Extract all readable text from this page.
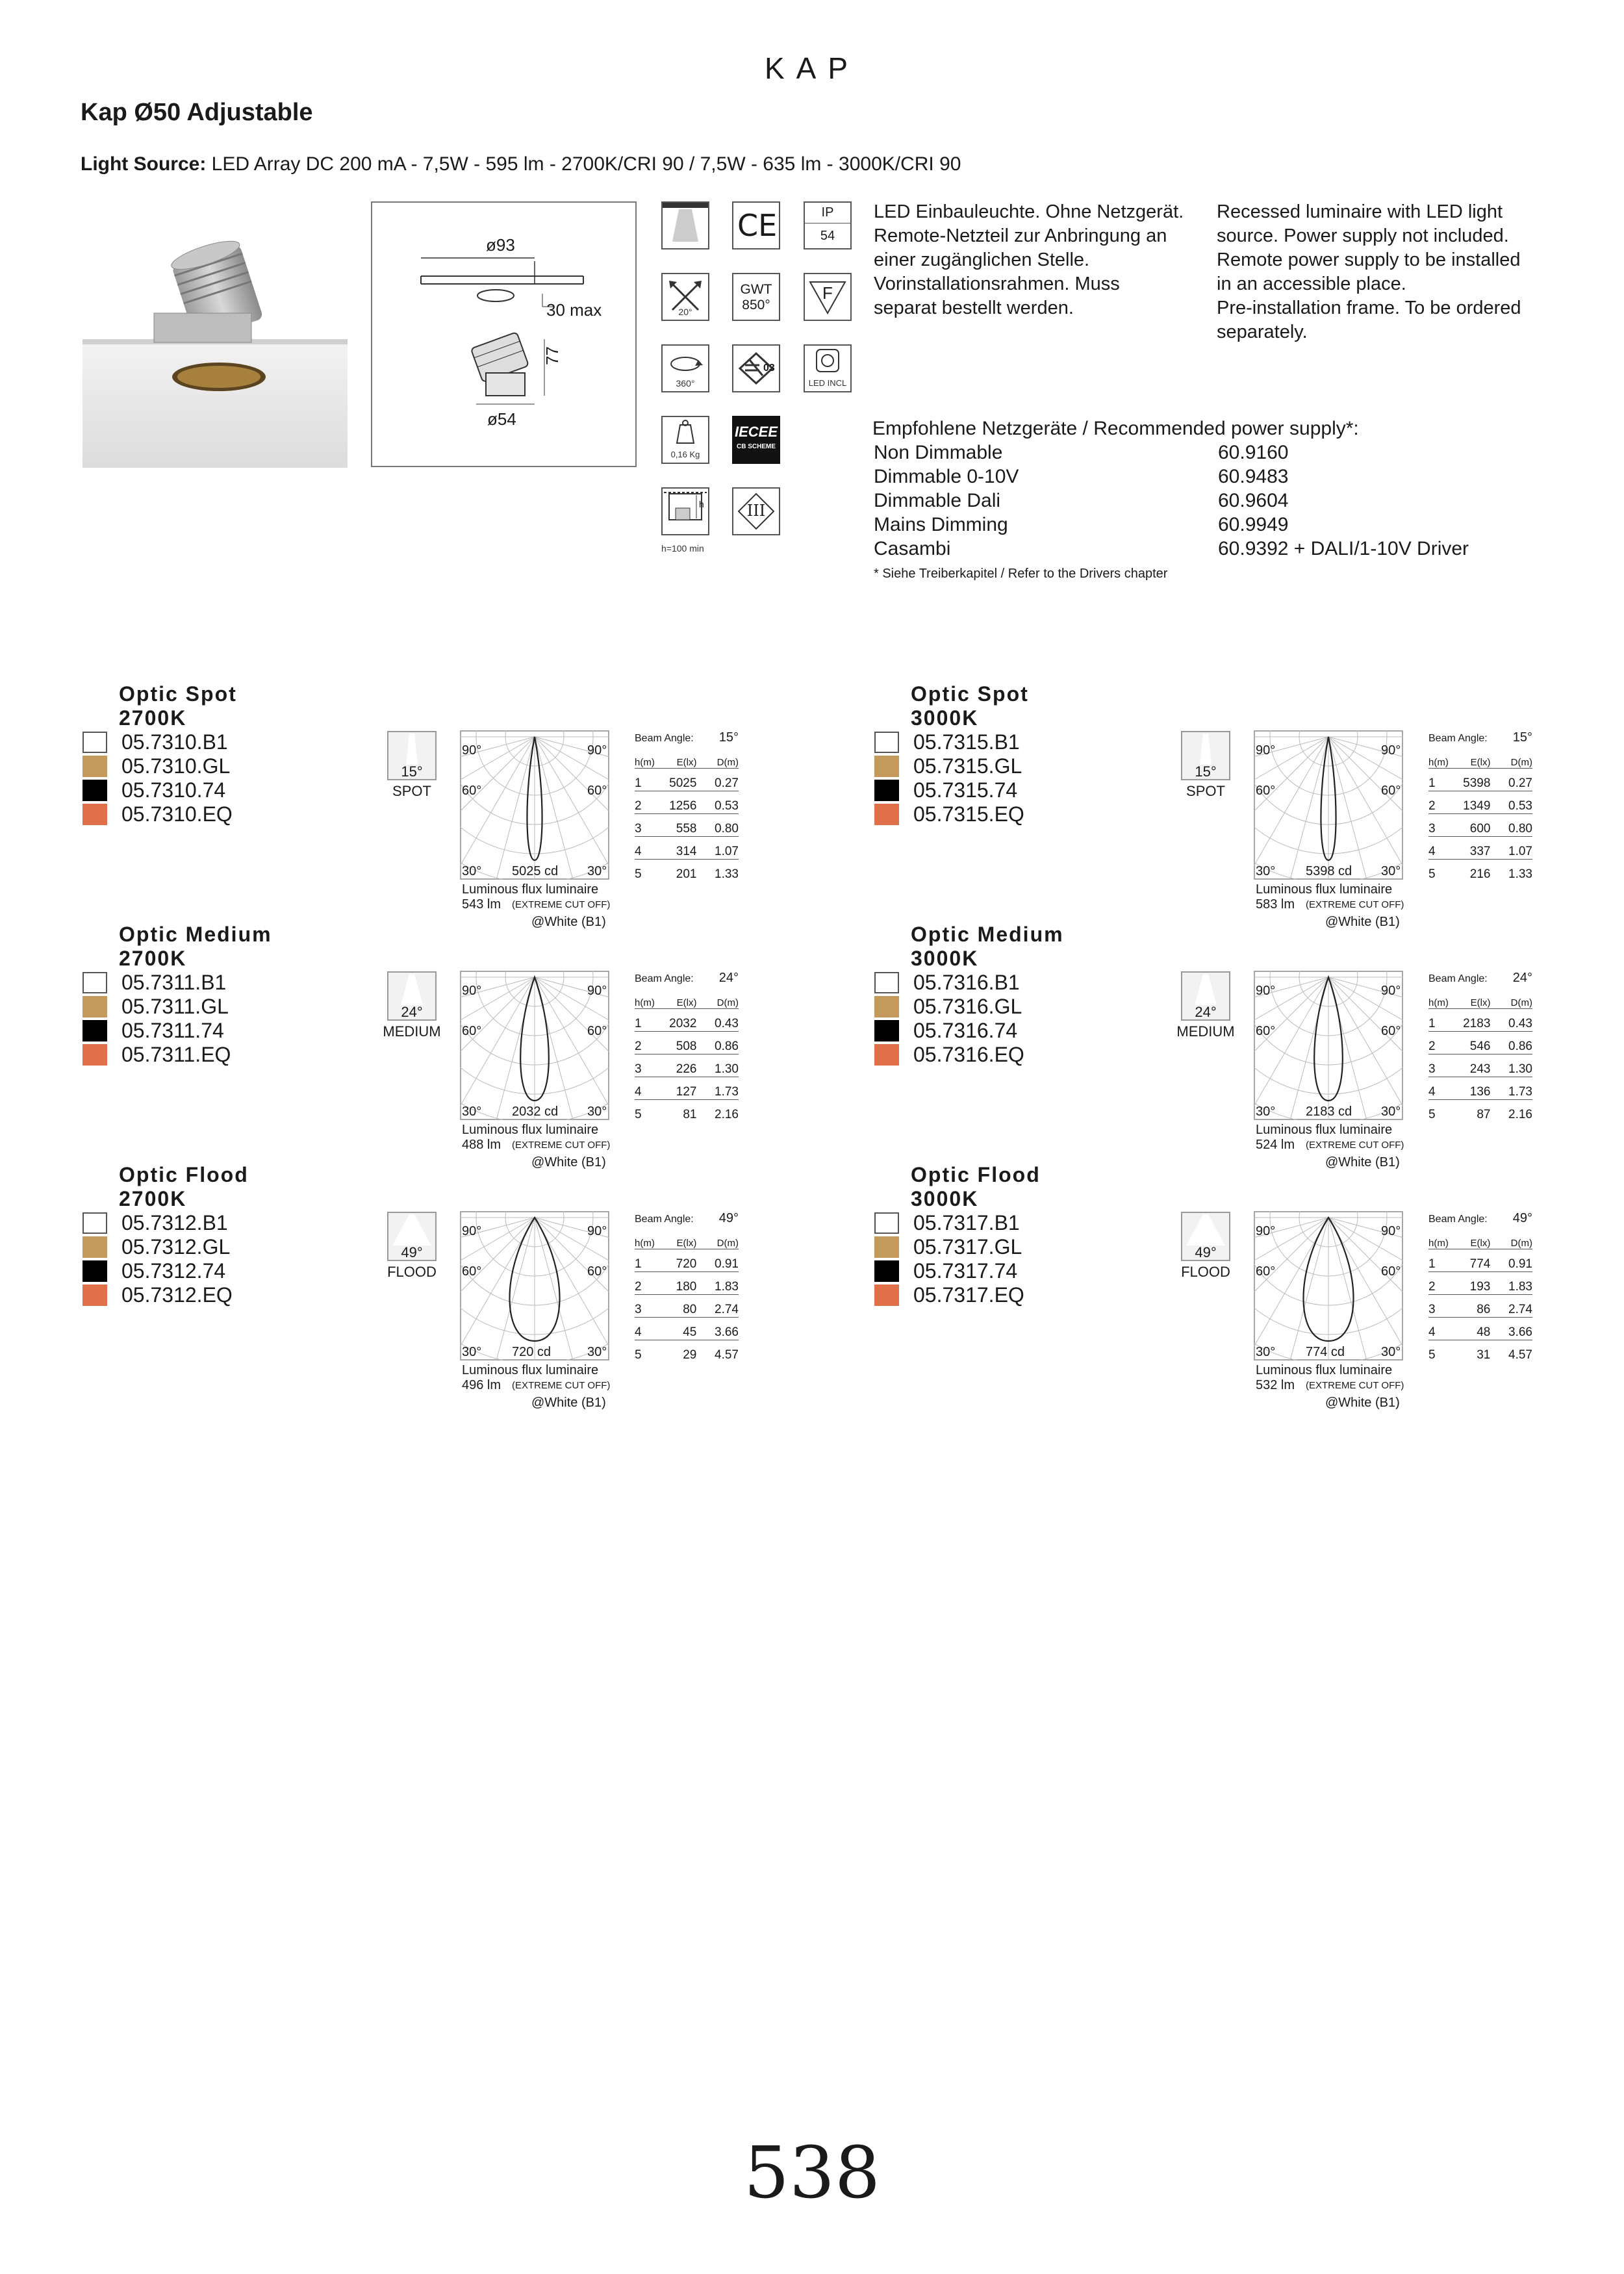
KAP
Kap Ø50 Adjustable
Light Source: LED Array DC 200 mA - 7,5W - 595 lm - 2700K/CRI 90 / 7,5W - 635 lm - 3000K/CRI 90
ø93
30 max
77
ø54
CE	IP
54
20°
GWT
850°
F
360°
03
LED INCL
0,16 Kg
IECEE
CB SCHEME
h
h=100 min
III
LED Einbauleuchte. Ohne Netzgerät.
Remote-Netzteil zur Anbringung an
einer zugänglichen Stelle.
Vorinstallationsrahmen. Muss
separat bestellt werden.
Recessed luminaire with LED light
source. Power supply not included.
Remote power supply to be installed
in an accessible place.
Pre-installation frame. To be ordered
separately.
Empfohlene Netzgeräte / Recommended power supply*:
Non Dimmable	60.9160
Dimmable 0-10V	60.9483
Dimmable Dali	60.9604
Mains Dimming	60.9949
Casambi	60.9392 + DALI/1-10V Driver
* Siehe Treiberkapitel / Refer to the Drivers chapter
Optic Spot
2700K
05.7310.B1
05.7310.GL
05.7310.74
05.7310.EQ
15°
SPOT
90°	90°
60°	60°
30°	30°
5025 cd
Luminous flux luminaire
543 lm (EXTREME CUT OFF)
@White (B1)
Beam Angle: 15°
h(m)	E(lx)	D(m)
1	5025	0.27
2	1256	0.53
3	558	0.80
4	314	1.07
5	201	1.33
Optic Spot
3000K
05.7315.B1
05.7315.GL
05.7315.74
05.7315.EQ
15°
SPOT
90°	90°
60°	60°
30°	30°
5398 cd
Luminous flux luminaire
583 lm (EXTREME CUT OFF)
@White (B1)
Beam Angle: 15°
h(m)	E(lx)	D(m)
1	5398	0.27
2	1349	0.53
3	600	0.80
4	337	1.07
5	216	1.33
Optic Medium
2700K
05.7311.B1
05.7311.GL
05.7311.74
05.7311.EQ
24°
MEDIUM
90°	90°
60°	60°
30°	30°
2032 cd
Luminous flux luminaire
488 lm (EXTREME CUT OFF)
@White (B1)
Beam Angle: 24°
h(m)	E(lx)	D(m)
1	2032	0.43
2	508	0.86
3	226	1.30
4	127	1.73
5	81	2.16
Optic Medium
3000K
05.7316.B1
05.7316.GL
05.7316.74
05.7316.EQ
24°
MEDIUM
90°	90°
60°	60°
30°	30°
2183 cd
Luminous flux luminaire
524 lm (EXTREME CUT OFF)
@White (B1)
Beam Angle: 24°
h(m)	E(lx)	D(m)
1	2183	0.43
2	546	0.86
3	243	1.30
4	136	1.73
5	87	2.16
Optic Flood
2700K
05.7312.B1
05.7312.GL
05.7312.74
05.7312.EQ
49°
FLOOD
90°	90°
60°	60°
30°	30°
720 cd
Luminous flux luminaire
496 lm (EXTREME CUT OFF)
@White (B1)
Beam Angle: 49°
h(m)	E(lx)	D(m)
1	720	0.91
2	180	1.83
3	80	2.74
4	45	3.66
5	29	4.57
Optic Flood
3000K
05.7317.B1
05.7317.GL
05.7317.74
05.7317.EQ
49°
FLOOD
90°	90°
60°	60°
30°	30°
774 cd
Luminous flux luminaire
532 lm (EXTREME CUT OFF)
@White (B1)
Beam Angle: 49°
h(m)	E(lx)	D(m)
1	774	0.91
2	193	1.83
3	86	2.74
4	48	3.66
5	31	4.57
538
